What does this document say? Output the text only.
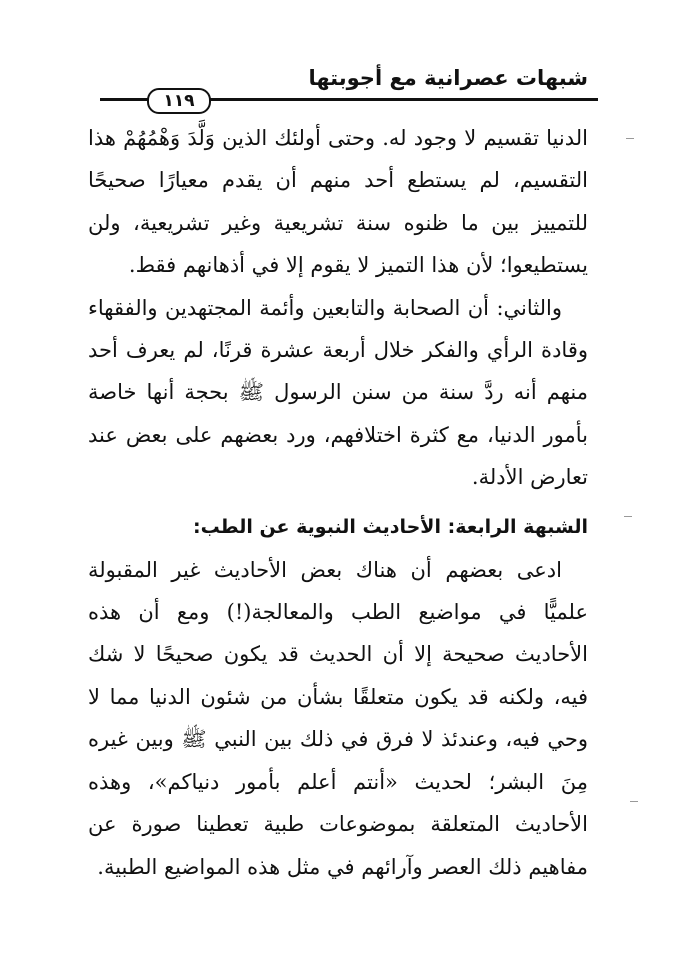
شبهات عصرانية مع أجوبتها
١١٩

الدنيا تقسيم لا وجود له. وحتى أولئك الذين وَلَّدَ وَهْمُهُمْ هذا التقسيم، لم يستطع أحد منهم أن يقدم معيارًا صحيحًا للتمييز بين ما ظنوه سنة تشريعية وغير تشريعية، ولن يستطيعوا؛ لأن هذا التميز لا يقوم إلا في أذهانهم فقط.

والثاني: أن الصحابة والتابعين وأئمة المجتهدين والفقهاء وقادة الرأي والفكر خلال أربعة عشرة قرنًا، لم يعرف أحد منهم أنه ردَّ سنة من سنن الرسول ﷺ بحجة أنها خاصة بأمور الدنيا، مع كثرة اختلافهم، ورد بعضهم على بعض عند تعارض الأدلة.

الشبهة الرابعة: الأحاديث النبوية عن الطب:

ادعى بعضهم أن هناك بعض الأحاديث غير المقبولة علميًّا في مواضيع الطب والمعالجة(!) ومع أن هذه الأحاديث صحيحة إلا أن الحديث قد يكون صحيحًا لا شك فيه، ولكنه قد يكون متعلقًا بشأن من شئون الدنيا مما لا وحي فيه، وعندئذ لا فرق في ذلك بين النبي ﷺ وبين غيره مِنَ البشر؛ لحديث «أنتم أعلم بأمور دنياكم»، وهذه الأحاديث المتعلقة بموضوعات طبية تعطينا صورة عن مفاهيم ذلك العصر وآرائهم في مثل هذه المواضيع الطبية.
